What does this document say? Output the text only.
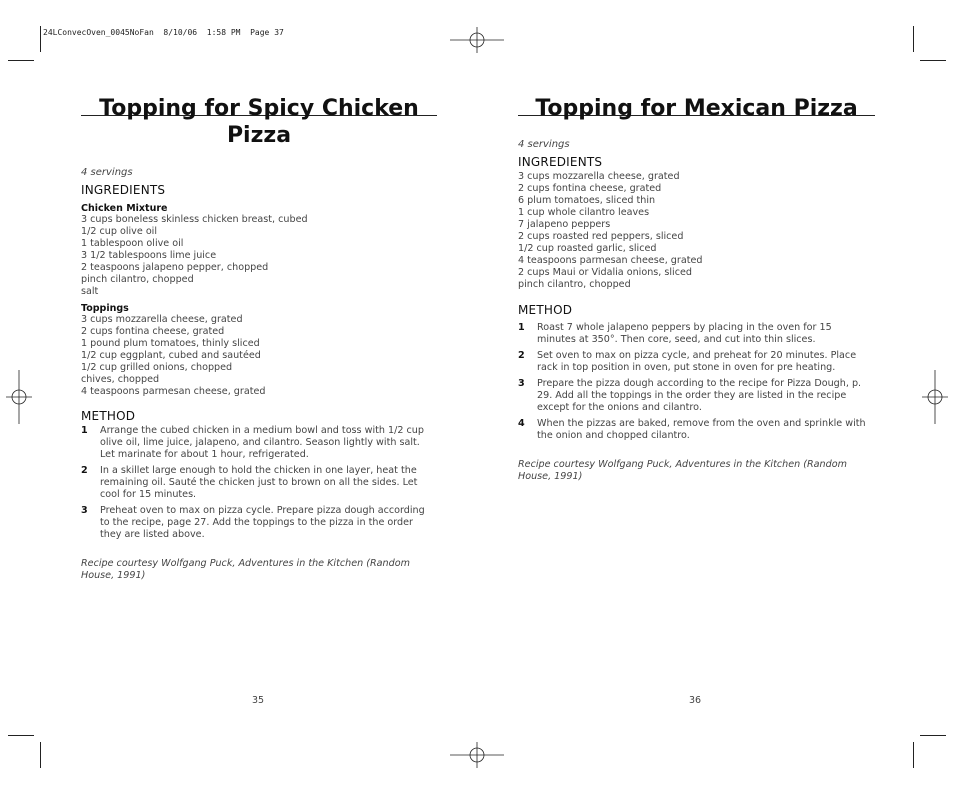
24LConvecOven_0045NoFan  8/10/06  1:58 PM  Page 37
Topping for Spicy Chicken Pizza
4 servings
INGREDIENTS
Chicken Mixture
3 cups boneless skinless chicken breast, cubed
1/2 cup olive oil
1 tablespoon olive oil
3 1/2 tablespoons lime juice
2 teaspoons jalapeno pepper, chopped
pinch cilantro, chopped
salt
Toppings
3 cups mozzarella cheese, grated
2 cups fontina cheese, grated
1 pound plum tomatoes, thinly sliced
1/2 cup eggplant, cubed and sautéed
1/2 cup grilled onions, chopped
chives, chopped
4 teaspoons parmesan cheese, grated
METHOD
1 Arrange the cubed chicken in a medium bowl and toss with 1/2 cup olive oil, lime juice, jalapeno, and cilantro. Season lightly with salt. Let marinate for about 1 hour, refrigerated.
2 In a skillet large enough to hold the chicken in one layer, heat the remaining oil. Sauté the chicken just to brown on all the sides. Let cool for 15 minutes.
3 Preheat oven to max on pizza cycle. Prepare pizza dough according to the recipe, page 27. Add the toppings to the pizza in the order they are listed above.
Recipe courtesy Wolfgang Puck, Adventures in the Kitchen (Random House, 1991)
35
Topping for Mexican Pizza
4 servings
INGREDIENTS
3 cups mozzarella cheese, grated
2 cups fontina cheese, grated
6 plum tomatoes, sliced thin
1 cup whole cilantro leaves
7 jalapeno peppers
2 cups roasted red peppers, sliced
1/2 cup roasted garlic, sliced
4 teaspoons parmesan cheese, grated
2 cups Maui or Vidalia onions, sliced
pinch cilantro, chopped
METHOD
1 Roast 7 whole jalapeno peppers by placing in the oven for 15 minutes at 350°. Then core, seed, and cut into thin slices.
2 Set oven to max on pizza cycle, and preheat for 20 minutes. Place rack in top position in oven, put stone in oven for pre heating.
3 Prepare the pizza dough according to the recipe for Pizza Dough, p. 29. Add all the toppings in the order they are listed in the recipe except for the onions and cilantro.
4 When the pizzas are baked, remove from the oven and sprinkle with the onion and chopped cilantro.
Recipe courtesy Wolfgang Puck, Adventures in the Kitchen (Random House, 1991)
36
